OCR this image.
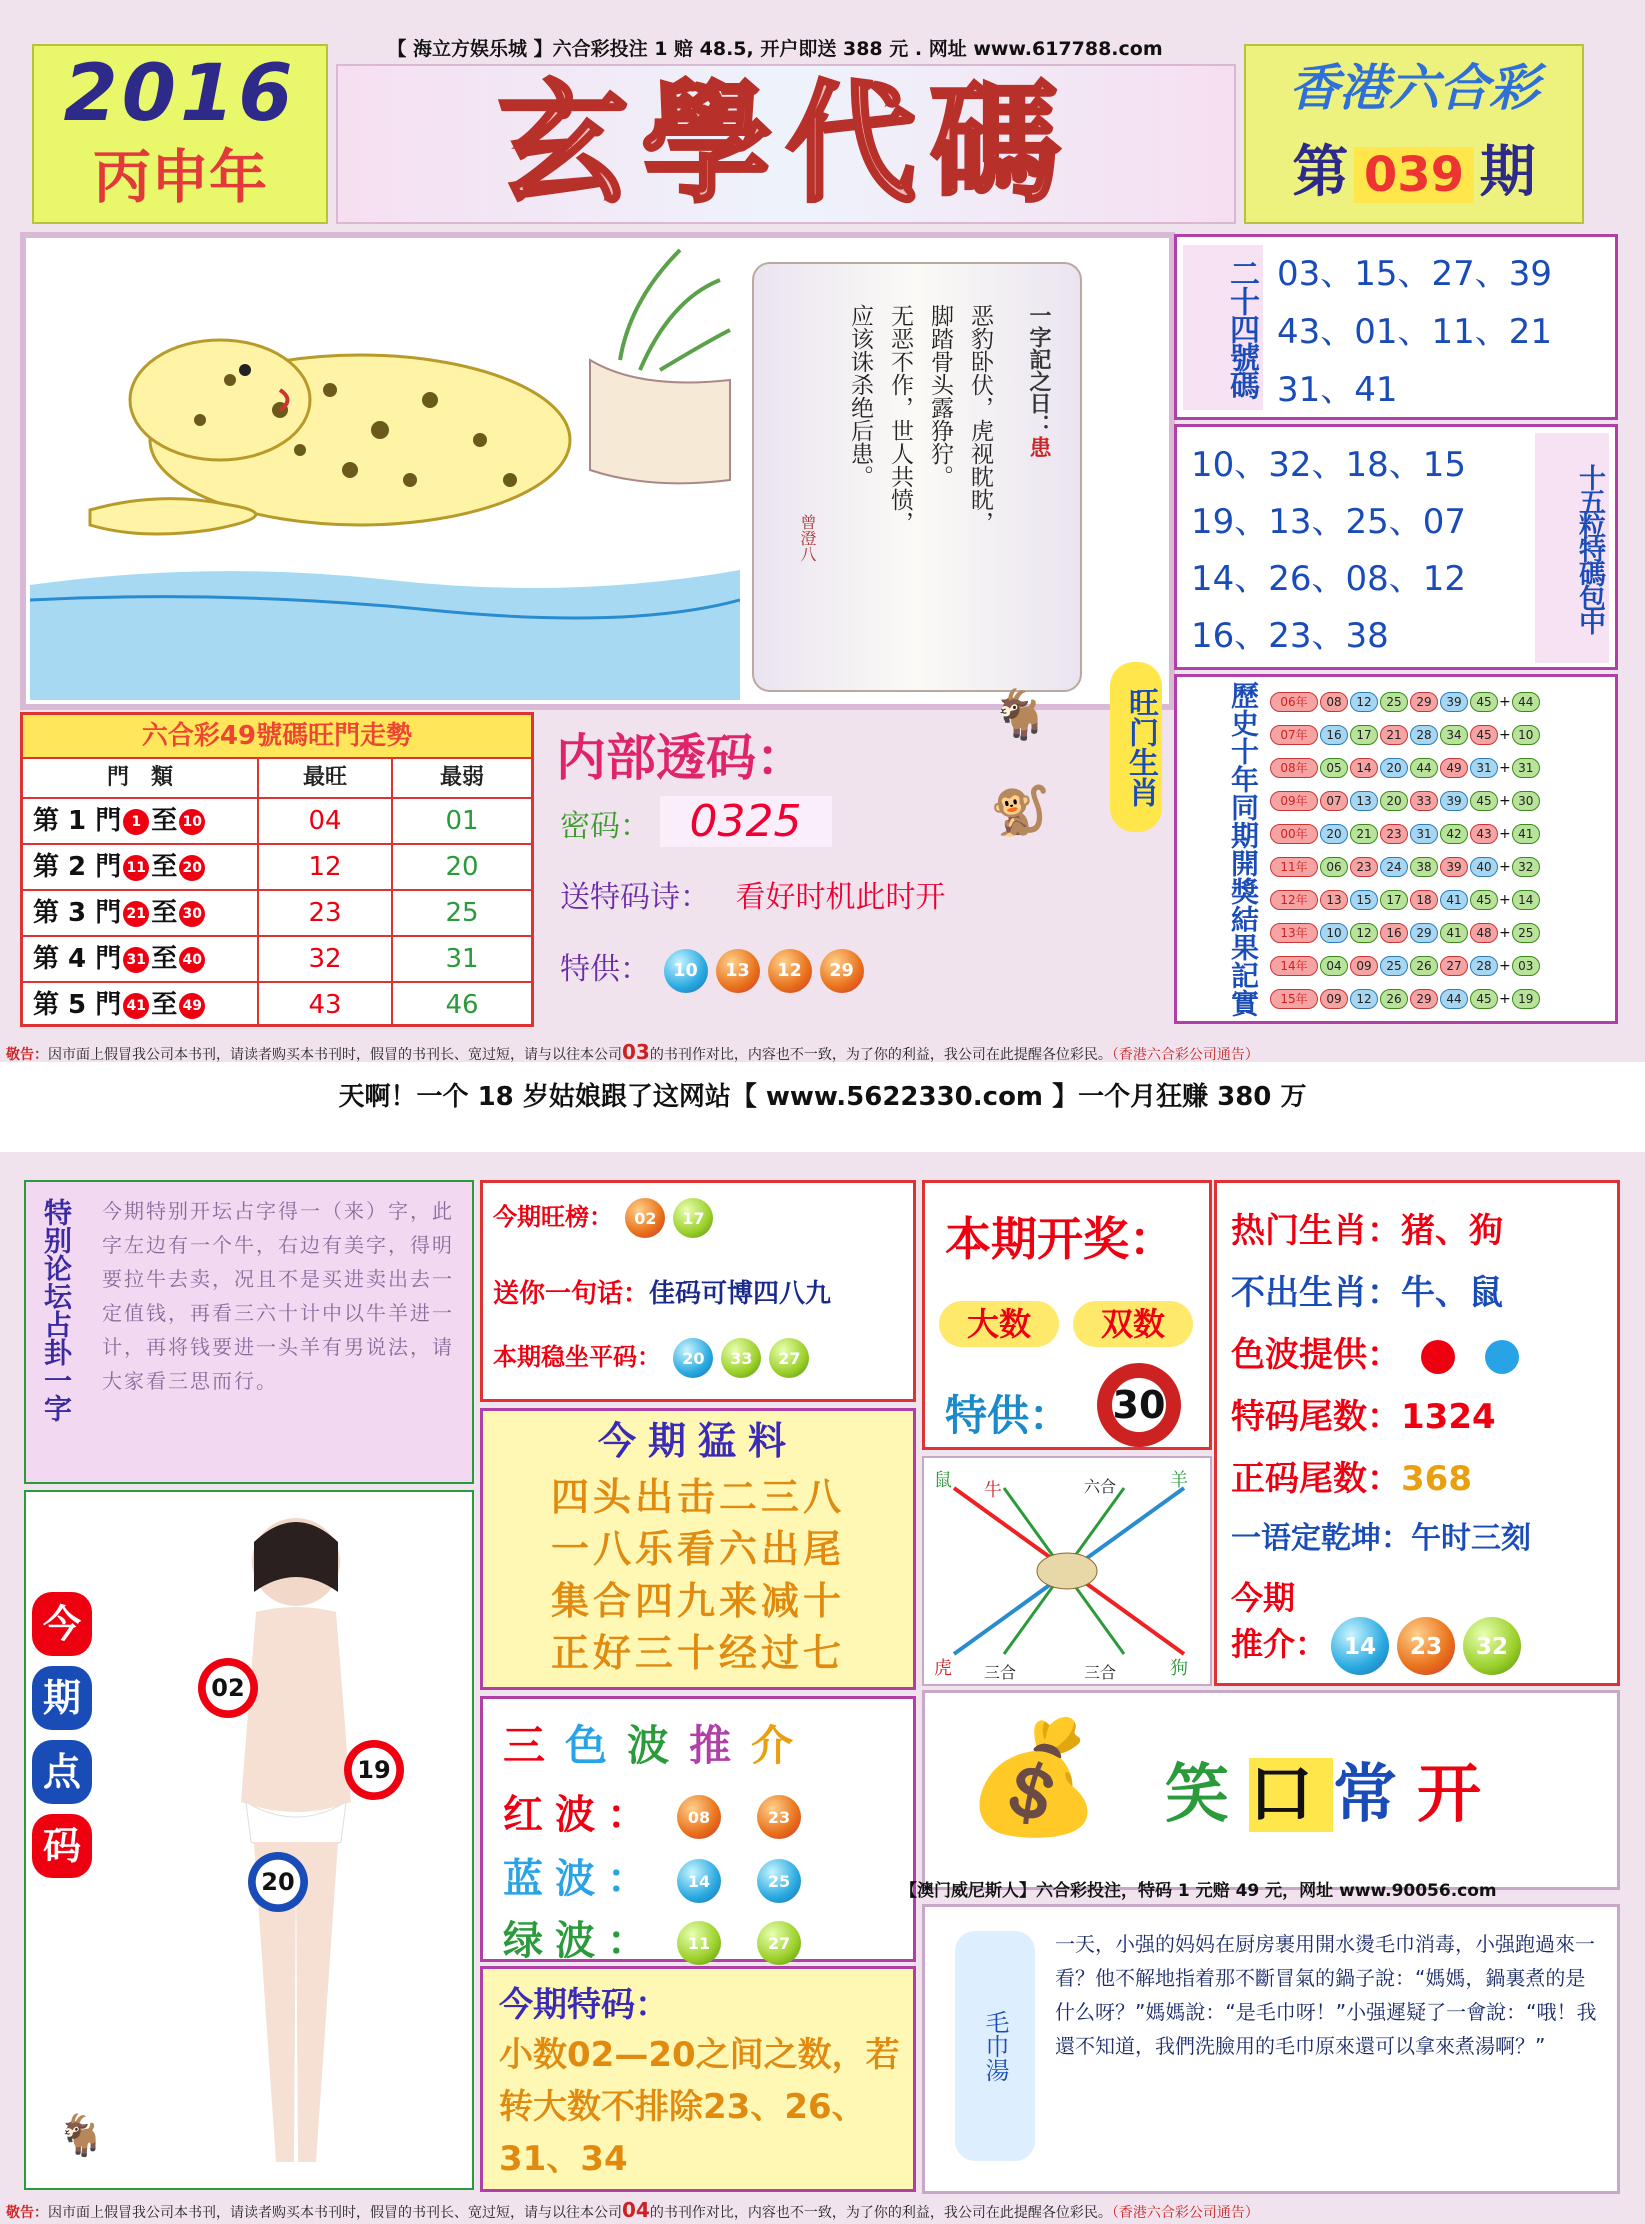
【 海立方娱乐城 】六合彩投注 1 赔 48.5, 开户即送 388 元 . 网址 www.617788.com
2016
丙申年	玄學代碼	香港六合彩
第 039 期
一字記之日：患
恶豹卧伏，虎视眈眈，
脚踏骨头露狰狞。
无恶不作，世人共愤，
应该诛杀绝后患。
曾澄八
二十四號碼 03、15、27、39
43、01、11、21
31、41
10、32、18、15
19、13、25、07
14、26、08、12
16、23、38
十五粒特碼包中
六合彩49號碼旺門走勢
門　類	最旺	最弱
第 1 門 1 至 10	04	01
第 2 門 11 至 20	12	20
第 3 門 21 至 30	23	25
第 4 門 31 至 40	32	31
第 5 門 41 至 49	43	46
内部透码：
密码： 0325
送特码诗： 看好时机此时开
特供： 10 13 12 29
🐐
🐒
旺门生肖	歷史十年同期開獎結果記實	06年	08	12	25	29	39	45 + 44
07年	16	17	21	28	34	45 + 10
08年	05	14	20	44	49	31 + 31
09年	07	13	20	33	39	45 + 30
00年	20	21	23	31	42	43 + 41
11年	06	23	24	38	39	40 + 32
12年	13	15	17	18	41	45 + 14
13年	10	12	16	29	41	48 + 25
14年	04	09	25	26	27	28 + 03
15年	09	12	26	29	44	45 + 19
敬告：因市面上假冒我公司本书刊，请读者购买本书刊时，假冒的书刊长、宽过短，请与以往本公司03的书刊作对比，内容也不一致，为了你的利益，我公司在此提醒各位彩民。（香港六合彩公司通告）
天啊！一个 18 岁姑娘跟了这网站【 www.5622330.com 】一个月狂赚 380 万
特别论坛占卦一字 今期特别开坛占字得一（来）字，此字左边有一个牛，右边有美字，得明要拉牛去卖，况且不是买进卖出去一定值钱，再看三六十计中以牛羊进一计，再将钱要进一头羊有男说法，请大家看三思而行。
今期旺榜： 02 17
送你一句话：佳码可博四八九
本期稳坐平码： 20 33 27
本期开奖：
大数	双数
特供： 30
热门生肖：猪、狗
不出生肖：牛、鼠
色波提供：
特码尾数：1324
正码尾数：368
一语定乾坤：午时三刻
今期
推介： 14 23 32
今期猛料
四头出击二三八
一八乐看六出尾
集合四九来减十
正好三十经过七
鼠 牛	六合	羊
虎 三合	三合	狗
今
期
点
码
02
19
20
🐐
三色波推介
红波： 08	23
蓝波： 14	25
绿波： 11	27
今期特码：
小数02—20之间之数，若转大数不排除23、26、31、34
💰 笑口常开
【澳门威尼斯人】六合彩投注，特码 1 元赔 49 元，网址 www.90056.com
毛巾湯
一天，小强的妈妈在厨房裹用開水燙毛巾消毒，小强跑過來一看？他不解地指着那不斷冒氣的鍋子說：“媽媽，鍋裏煮的是什么呀？”媽媽說：“是毛巾呀！”小强遲疑了一會說：“哦！我還不知道，我們洗臉用的毛巾原來還可以拿來煮湯啊？”
敬告：因市面上假冒我公司本书刊，请读者购买本书刊时，假冒的书刊长、宽过短，请与以往本公司04的书刊作对比，内容也不一致，为了你的利益，我公司在此提醒各位彩民。（香港六合彩公司通告）
